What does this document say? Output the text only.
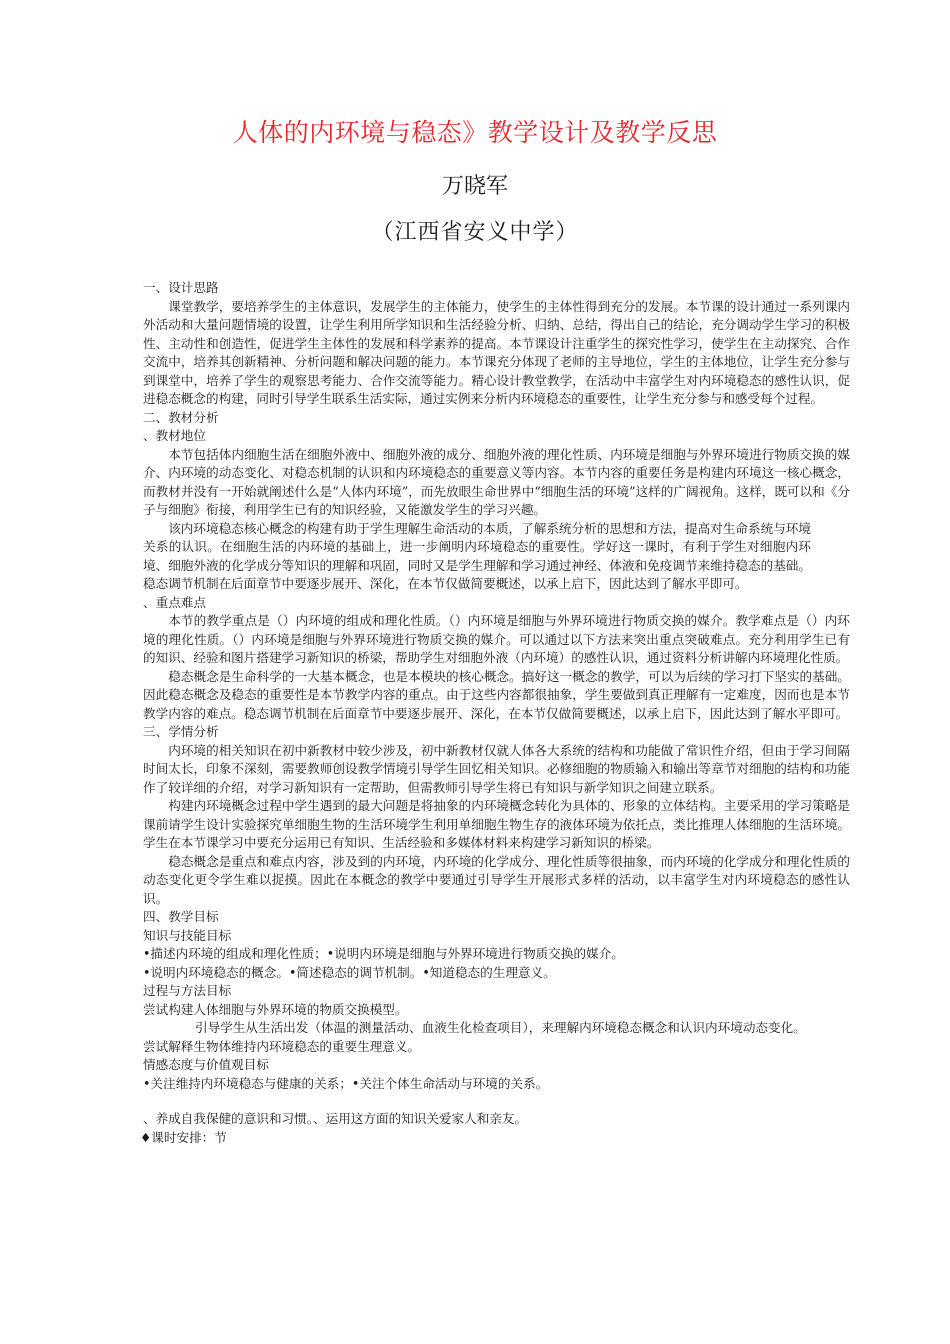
人体的内环境与稳态》教学设计及教学反思
万晓军
（江西省安义中学）
一、设计思路

课堂教学，要培养学生的主体意识，发展学生的主体能力，使学生的主体性得到充分的发展。本节课的设计通过一系列课内外活动和大量问题情境的设置，让学生利用所学知识和生活经验分析、归纳、总结，得出自己的结论，充分调动学生学习的积极性、主动性和创造性，促进学生主体性的发展和科学素养的提高。本节课设计注重学生的探究性学习，使学生在主动探究、合作交流中，培养其创新精神、分析问题和解决问题的能力。本节课充分体现了老师的主导地位，学生的主体地位，让学生充分参与到课堂中，培养了学生的观察思考能力、合作交流等能力。精心设计教堂教学，在活动中丰富学生对内环境稳态的感性认识，促进稳态概念的构建，同时引导学生联系生活实际，通过实例来分析内环境稳态的重要性，让学生充分参与和感受每个过程。

二、教材分析
、教材地位

本节包括体内细胞生活在细胞外液中、细胞外液的成分、细胞外液的理化性质、内环境是细胞与外界环境进行物质交换的媒介、内环境的动态变化、对稳态机制的认识和内环境稳态的重要意义等内容。本节内容的重要任务是构建内环境这一核心概念，而教材并没有一开始就阐述什么是“人体内环境”，而先放眼生命世界中“细胞生活的环境”这样的广阔视角。这样，既可以和《分子与细胞》衔接，利用学生已有的知识经验，又能激发学生的学习兴趣。

该内环境稳态核心概念的构建有助于学生理解生命活动的本质，了解系统分析的思想和方法，提高对生命系统与环境关系的认识。在细胞生活的内环境的基础上，进一步阐明内环境稳态的重要性。学好这一课时，有利于学生对细胞内环境、细胞外液的化学成分等知识的理解和巩固，同时又是学生理解和学习通过神经、体液和免疫调节来维持稳态的基础。稳态调节机制在后面章节中要逐步展开、深化，在本节仅做简要概述，以承上启下，因此达到了解水平即可。

、重点难点

本节的教学重点是（）内环境的组成和理化性质。（）内环境是细胞与外界环境进行物质交换的媒介。教学难点是（）内环境的理化性质。（）内环境是细胞与外界环境进行物质交换的媒介。可以通过以下方法来突出重点突破难点。充分利用学生已有的知识、经验和图片搭建学习新知识的桥梁，帮助学生对细胞外液（内环境）的感性认识，通过资料分析讲解内环境理化性质。

稳态概念是生命科学的一大基本概念，也是本模块的核心概念。搞好这一概念的教学，可以为后续的学习打下坚实的基础。因此稳态概念及稳态的重要性是本节教学内容的重点。由于这些内容都很抽象，学生要做到真正理解有一定难度，因而也是本节教学内容的难点。稳态调节机制在后面章节中要逐步展开、深化，在本节仅做简要概述，以承上启下，因此达到了解水平即可。

三、学情分析

内环境的相关知识在初中新教材中较少涉及，初中新教材仅就人体各大系统的结构和功能做了常识性介绍，但由于学习间隔时间太长，印象不深刻，需要教师创设教学情境引导学生回忆相关知识。必修细胞的物质输入和输出等章节对细胞的结构和功能作了较详细的介绍，对学习新知识有一定帮助，但需教师引导学生将已有知识与新学知识之间建立联系。

构建内环境概念过程中学生遇到的最大问题是将抽象的内环境概念转化为具体的、形象的立体结构。主要采用的学习策略是课前请学生设计实验探究单细胞生物的生活环境学生利用单细胞生物生存的液体环境为依托点，类比推理人体细胞的生活环境。学生在本节课学习中要充分运用已有知识、生活经验和多媒体材料来构建学习新知识的桥梁。

稳态概念是重点和难点内容，涉及到的内环境，内环境的化学成分、理化性质等很抽象，而内环境的化学成分和理化性质的动态变化更令学生难以捉摸。因此在本概念的教学中要通过引导学生开展形式多样的活动，以丰富学生对内环境稳态的感性认识。

四、教学目标
知识与技能目标
•描述内环境的组成和理化性质；•说明内环境是细胞与外界环境进行物质交换的媒介。
•说明内环境稳态的概念。•简述稳态的调节机制。•知道稳态的生理意义。
过程与方法目标
尝试构建人体细胞与外界环境的物质交换模型。
引导学生从生活出发（体温的测量活动、血液生化检查项目），来理解内环境稳态概念和认识内环境动态变化。
尝试解释生物体维持内环境稳态的重要生理意义。
情感态度与价值观目标
•关注维持内环境稳态与健康的关系；•关注个体生命活动与环境的关系。
、养成自我保健的意识和习惯。、运用这方面的知识关爱家人和亲友。
♦课时安排：节
